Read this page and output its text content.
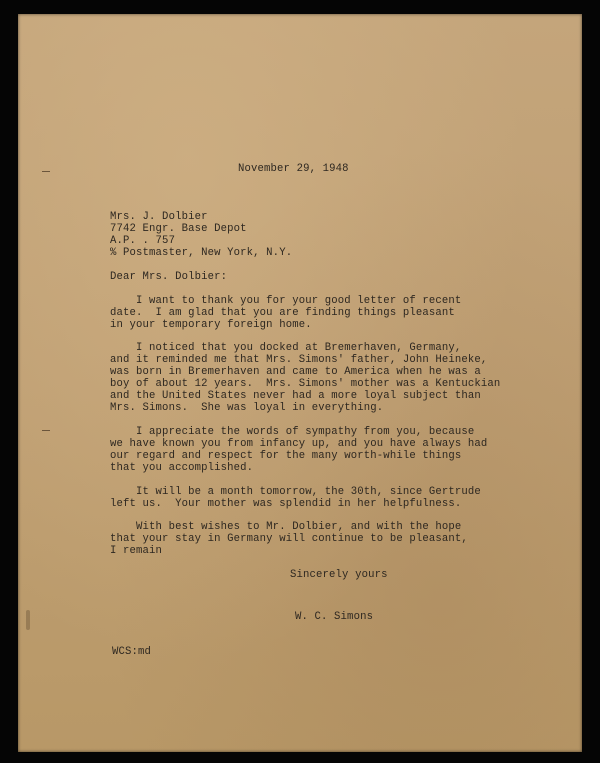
November 29, 1948
Mrs. J. Dolbier
7742 Engr. Base Depot
A.P. . 757
% Postmaster, New York, N.Y.
Dear Mrs. Dolbier:
I want to thank you for your good letter of recent
date.  I am glad that you are finding things pleasant
in your temporary foreign home.
I noticed that you docked at Bremerhaven, Germany,
and it reminded me that Mrs. Simons' father, John Heineke,
was born in Bremerhaven and came to America when he was a
boy of about 12 years.  Mrs. Simons' mother was a Kentuckian
and the United States never had a more loyal subject than
Mrs. Simons.  She was loyal in everything.
I appreciate the words of sympathy from you, because
we have known you from infancy up, and you have always had
our regard and respect for the many worth-while things
that you accomplished.
It will be a month tomorrow, the 30th, since Gertrude
left us.  Your mother was splendid in her helpfulness.
With best wishes to Mr. Dolbier, and with the hope
that your stay in Germany will continue to be pleasant,
I remain
Sincerely yours
W. C. Simons
WCS:md
